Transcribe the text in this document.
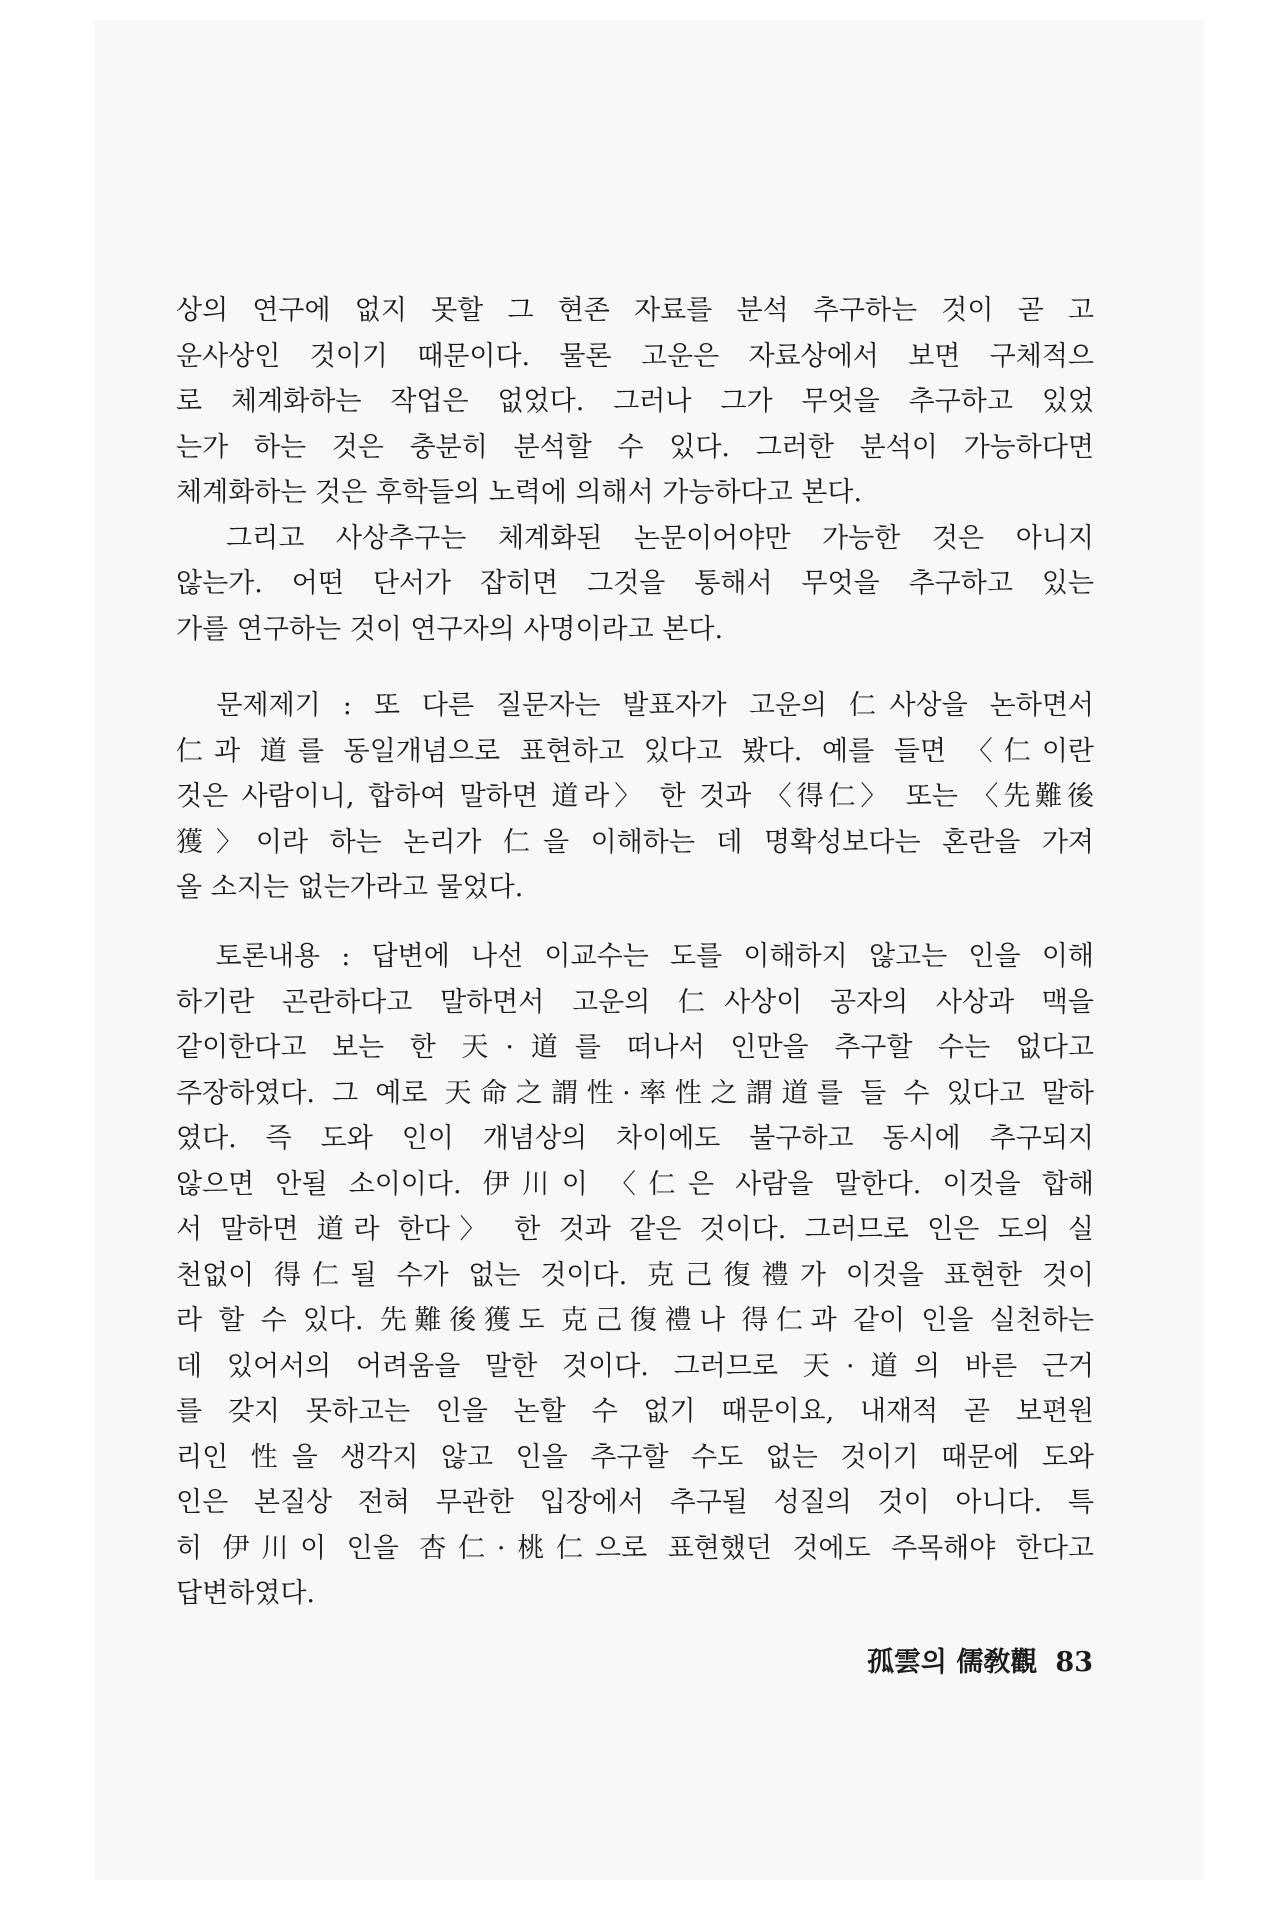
상의 연구에 없지 못할 그 현존 자료를 분석 추구하는 것이 곧 고
운사상인 것이기 때문이다. 물론 고운은 자료상에서 보면 구체적으
로 체계화하는 작업은 없었다. 그러나 그가 무엇을 추구하고 있었
는가 하는 것은 충분히 분석할 수 있다. 그러한 분석이 가능하다면
체계화하는 것은 후학들의 노력에 의해서 가능하다고 본다.
　그리고 사상추구는 체계화된 논문이어야만 가능한 것은 아니지
않는가. 어떤 단서가 잡히면 그것을 통해서 무엇을 추구하고 있는
가를 연구하는 것이 연구자의 사명이라고 본다.
　문제제기 : 또 다른 질문자는 발표자가 고운의 仁사상을 논하면서
仁과 道를 동일개념으로 표현하고 있다고 봤다. 예를 들면 〈仁이란
것은 사람이니, 합하여 말하면 道라〉 한 것과 〈得仁〉 또는 〈先難後
獲〉이라 하는 논리가 仁을 이해하는 데 명확성보다는 혼란을 가져
올 소지는 없는가라고 물었다.
　토론내용 : 답변에 나선 이교수는 도를 이해하지 않고는 인을 이해
하기란 곤란하다고 말하면서 고운의 仁사상이 공자의 사상과 맥을
같이한다고 보는 한 天·道를 떠나서 인만을 추구할 수는 없다고
주장하였다. 그 예로 天命之謂性·率性之謂道를 들 수 있다고 말하
였다. 즉 도와 인이 개념상의 차이에도 불구하고 동시에 추구되지
않으면 안될 소이이다. 伊川이 〈仁은 사람을 말한다. 이것을 합해
서 말하면 道라 한다〉 한 것과 같은 것이다. 그러므로 인은 도의 실
천없이 得仁될 수가 없는 것이다. 克己復禮가 이것을 표현한 것이
라 할 수 있다. 先難後獲도 克己復禮나 得仁과 같이 인을 실천하는
데 있어서의 어려움을 말한 것이다. 그러므로 天·道의 바른 근거
를 갖지 못하고는 인을 논할 수 없기 때문이요, 내재적 곧 보편원
리인 性을 생각지 않고 인을 추구할 수도 없는 것이기 때문에 도와
인은 본질상 전혀 무관한 입장에서 추구될 성질의 것이 아니다. 특
히 伊川이 인을 杏仁·桃仁으로 표현했던 것에도 주목해야 한다고
답변하였다.
孤雲의 儒敎觀 83
